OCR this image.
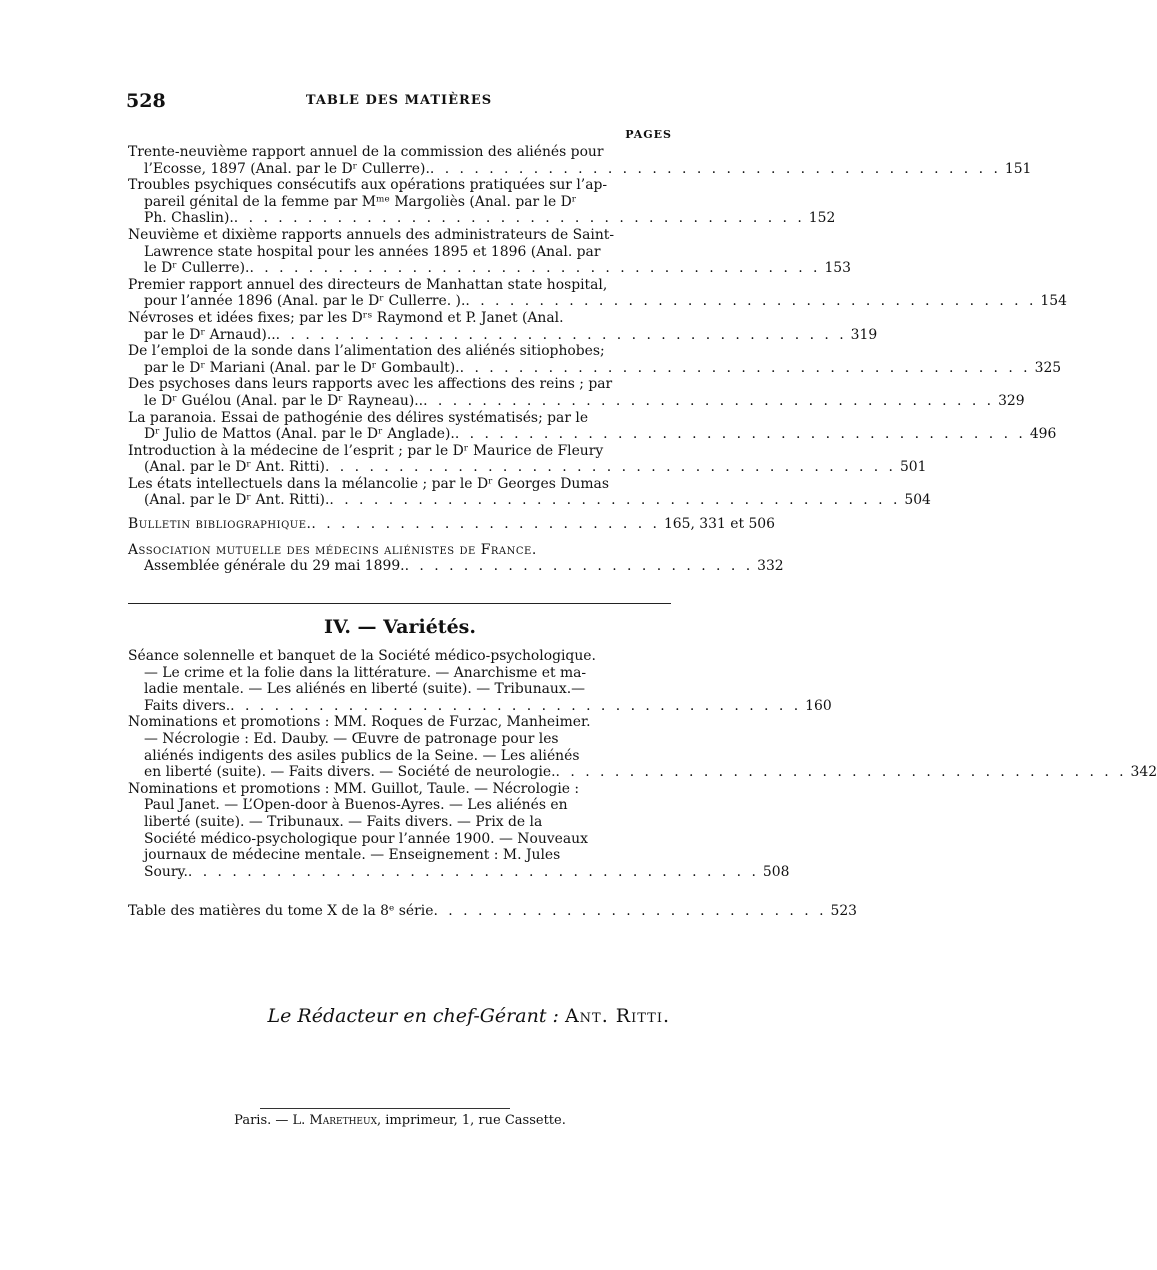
528	TABLE DES MATIÈRES
PAGES
Trente-neuvième rapport annuel de la commission des aliénés pour
l’Ecosse, 1897 (Anal. par le Dʳ Cullerre). . . . . . . . . . . . . . . . . . . . . . . . . . . . . . . . . . . . . . . . 151
Troubles psychiques consécutifs aux opérations pratiquées sur l’ap-
pareil génital de la femme par Mᵐᵉ Margoliès (Anal. par le Dʳ
Ph. Chaslin). . . . . . . . . . . . . . . . . . . . . . . . . . . . . . . . . . . . . . . . 152
Neuvième et dixième rapports annuels des administrateurs de Saint-
Lawrence state hospital pour les années 1895 et 1896 (Anal. par
le Dʳ Cullerre). . . . . . . . . . . . . . . . . . . . . . . . . . . . . . . . . . . . . . . . 153
Premier rapport annuel des directeurs de Manhattan state hospital,
pour l’année 1896 (Anal. par le Dʳ Cullerre. ). . . . . . . . . . . . . . . . . . . . . . . . . . . . . . . . . . . . . . . . 154
Névroses et idées fixes; par les Dʳˢ Raymond et P. Janet (Anal.
par le Dʳ Arnaud).. . . . . . . . . . . . . . . . . . . . . . . . . . . . . . . . . . . . . . . . 319
De l’emploi de la sonde dans l’alimentation des aliénés sitiophobes;
par le Dʳ Mariani (Anal. par le Dʳ Gombault). . . . . . . . . . . . . . . . . . . . . . . . . . . . . . . . . . . . . . . . 325
Des psychoses dans leurs rapports avec les affections des reins ; par
le Dʳ Guélou (Anal. par le Dʳ Rayneau).. . . . . . . . . . . . . . . . . . . . . . . . . . . . . . . . . . . . . . . . 329
La paranoia. Essai de pathogénie des délires systématisés; par le
Dʳ Julio de Mattos (Anal. par le Dʳ Anglade). . . . . . . . . . . . . . . . . . . . . . . . . . . . . . . . . . . . . . . . 496
Introduction à la médecine de l’esprit ; par le Dʳ Maurice de Fleury
(Anal. par le Dʳ Ant. Ritti) . . . . . . . . . . . . . . . . . . . . . . . . . . . . . . . . . . . . . . . 501
Les états intellectuels dans la mélancolie ; par le Dʳ Georges Dumas
(Anal. par le Dʳ Ant. Ritti). . . . . . . . . . . . . . . . . . . . . . . . . . . . . . . . . . . . . . . . 504
Bulletin bibliographique. . . . . . . . . . . . . . . . . . . . . . . . . 165, 331 et 506
Association mutuelle des médecins aliénistes de France.
Assemblée générale du 29 mai 1899. . . . . . . . . . . . . . . . . . . . . . . . . 332
IV. — Variétés.
Séance solennelle et banquet de la Société médico-psychologique.
— Le crime et la folie dans la littérature. — Anarchisme et ma-
ladie mentale. — Les aliénés en liberté (suite). — Tribunaux.—
Faits divers. . . . . . . . . . . . . . . . . . . . . . . . . . . . . . . . . . . . . . . . 160
Nominations et promotions : MM. Roques de Furzac, Manheimer.
— Nécrologie : Ed. Dauby. — Œuvre de patronage pour les
aliénés indigents des asiles publics de la Seine. — Les aliénés
en liberté (suite). — Faits divers. — Société de neurologie. . . . . . . . . . . . . . . . . . . . . . . . . . . . . . . . . . . . . . . . 342
Nominations et promotions : MM. Guillot, Taule. — Nécrologie :
Paul Janet. — L’Open-door à Buenos-Ayres. — Les aliénés en
liberté (suite). — Tribunaux. — Faits divers. — Prix de la
Société médico-psychologique pour l’année 1900. — Nouveaux
journaux de médecine mentale. — Enseignement : M. Jules
Soury. . . . . . . . . . . . . . . . . . . . . . . . . . . . . . . . . . . . . . . . 508
Table des matières du tome X de la 8ᵉ série . . . . . . . . . . . . . . . . . . . . . . . . . . . 523
Le Rédacteur en chef-Gérant : Ant. Ritti.
Paris. — L. Maretheux, imprimeur, 1, rue Cassette.
